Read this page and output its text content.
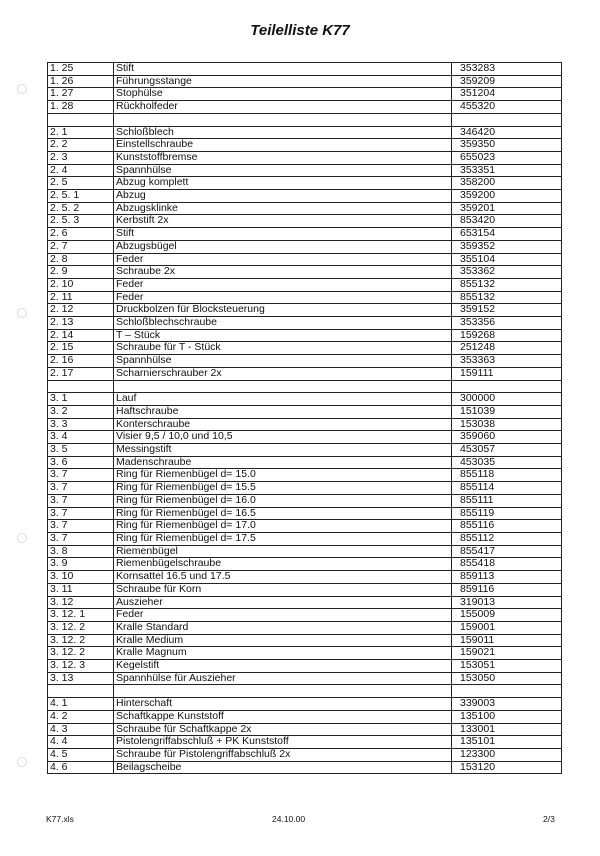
Teilelliste K77
1. 25	Stift	353283
1. 26	Führungsstange	359209
1. 27	Stophülse	351204
1. 28	Rückholfeder	455320

2. 1	Schloßblech	346420
2. 2	Einstellschraube	359350
2. 3	Kunststoffbremse	655023
2. 4	Spannhülse	353351
2. 5	Abzug komplett	358200
2. 5. 1	Abzug	359200
2. 5. 2	Abzugsklinke	359201
2. 5. 3	Kerbstift 2x	853420
2. 6	Stift	653154
2. 7	Abzugsbügel	359352
2. 8	Feder	355104
2. 9	Schraube 2x	353362
2. 10	Feder	855132
2. 11	Feder	855132
2. 12	Druckbolzen für Blocksteuerung	359152
2. 13	Schloßblechschraube	353356
2. 14	T – Stück	159268
2. 15	Schraube für T - Stück	251248
2. 16	Spannhülse	353363
2. 17	Scharnierschrauber 2x	159111

3. 1	Lauf	300000
3. 2	Haftschraube	151039
3. 3	Konterschraube	153038
3. 4	Visier 9,5 / 10,0 und 10,5	359060
3. 5	Messingstift	453057
3. 6	Madenschraube	453035
3. 7	Ring für Riemenbügel d= 15.0	855118
3. 7	Ring für Riemenbügel d= 15.5	855114
3. 7	Ring für Riemenbügel d= 16.0	855111
3. 7	Ring für Riemenbügel d= 16.5	855119
3. 7	Ring für Riemenbügel d= 17.0	855116
3. 7	Ring für Riemenbügel d= 17.5	855112
3. 8	Riemenbügel	855417
3. 9	Riemenbügelschraube	855418
3. 10	Kornsattel 16.5 und 17.5	859113
3. 11	Schraube für Korn	859116
3. 12	Auszieher	319013
3. 12. 1	Feder	155009
3. 12. 2	Kralle Standard	159001
3. 12. 2	Kralle Medium	159011
3. 12. 2	Kralle Magnum	159021
3. 12. 3	Kegelstift	153051
3. 13	Spannhülse für Auszieher	153050

4. 1	Hinterschaft	339003
4. 2	Schaftkappe Kunststoff	135100
4. 3	Schraube für Schaftkappe 2x	133001
4. 4	Pistolengriffabschluß + PK Kunststoff	135101
4. 5	Schraube für Pistolengriffabschluß 2x	123300
4. 6	Beilagscheibe	153120
K77.xls	24.10.00	2/3
